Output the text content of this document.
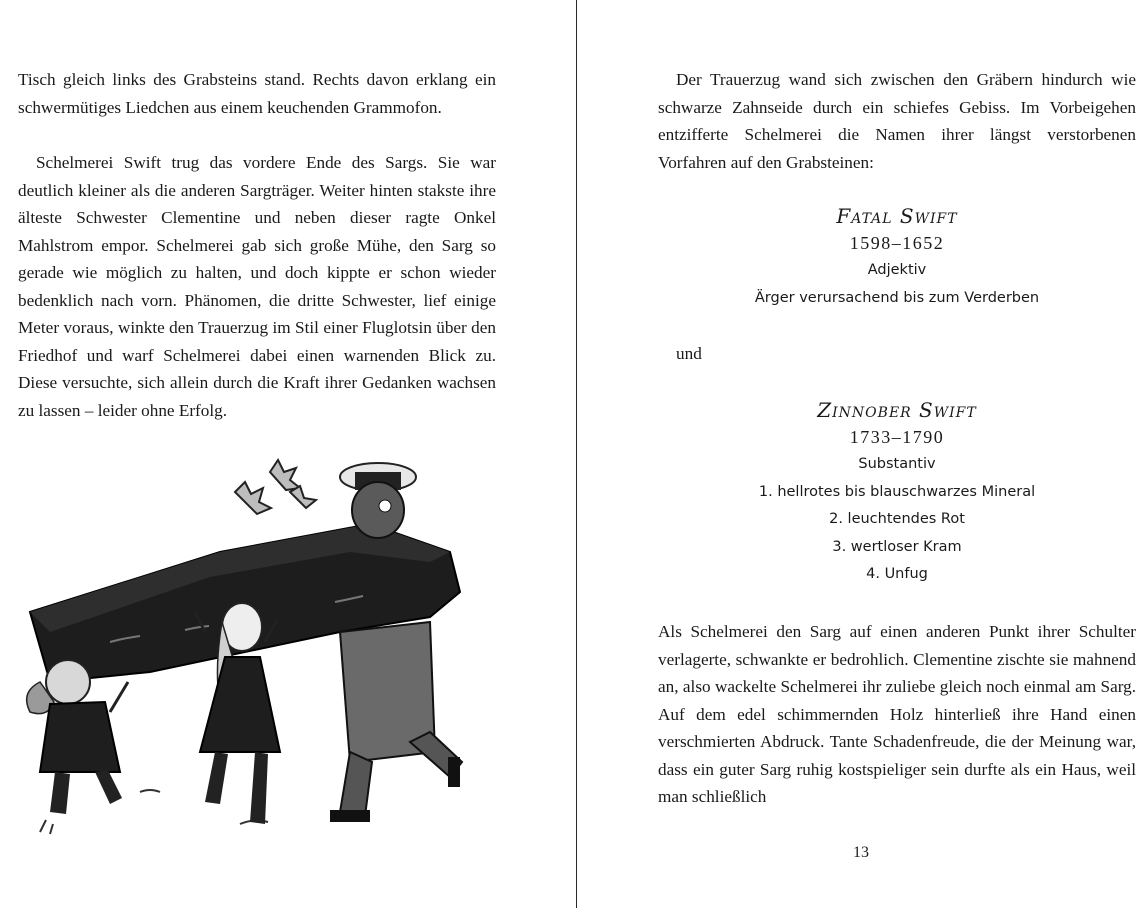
Tisch gleich links des Grabsteins stand. Rechts davon erklang ein schwermütiges Liedchen aus einem keuchenden Grammofon.

Schelmerei Swift trug das vordere Ende des Sargs. Sie war deutlich kleiner als die anderen Sargträger. Weiter hinten stakste ihre älteste Schwester Clementine und neben dieser ragte Onkel Mahlstrom empor. Schelmerei gab sich große Mühe, den Sarg so gerade wie möglich zu halten, und doch kippte er schon wieder bedenklich nach vorn. Phänomen, die dritte Schwester, lief einige Meter voraus, winkte den Trauerzug im Stil einer Fluglotsin über den Friedhof und warf Schelmerei dabei einen warnenden Blick zu. Diese versuchte, sich allein durch die Kraft ihrer Gedanken wachsen zu lassen – leider ohne Erfolg.

Der Trauerzug wand sich zwischen den Gräbern hindurch wie schwarze Zahnseide durch ein schiefes Gebiss. Im Vorbeigehen entzifferte Schelmerei die Namen ihrer längst verstorbenen Vorfahren auf den Grabsteinen:

Fatal Swift
1598–1652
Adjektiv
Ärger verursachend bis zum Verderben
und
Zinnober Swift
1733–1790
Substantiv
1. hellrotes bis blauschwarzes Mineral
2. leuchtendes Rot
3. wertloser Kram
4. Unfug

Als Schelmerei den Sarg auf einen anderen Punkt ihrer Schulter verlagerte, schwankte er bedrohlich. Clementine zischte sie mahnend an, also wackelte Schelmerei ihr zuliebe gleich noch einmal am Sarg. Auf dem edel schimmernden Holz hinterließ ihre Hand einen verschmierten Abdruck. Tante Schadenfreude, die der Meinung war, dass ein guter Sarg ruhig kostspieliger sein durfte als ein Haus, weil man schließlich

13
